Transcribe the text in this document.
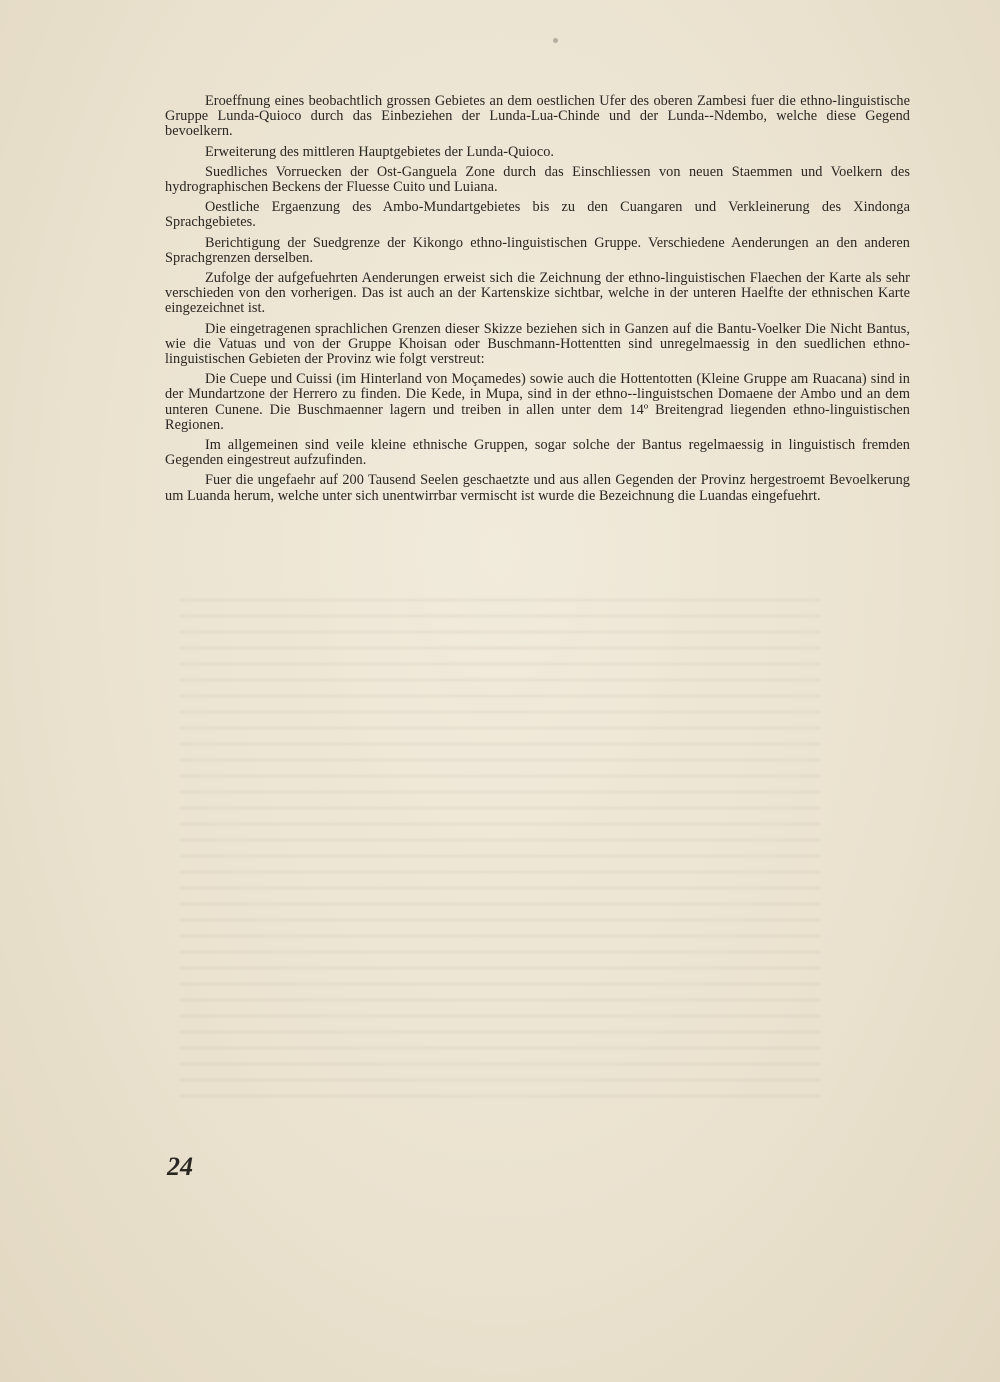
Eroeffnung eines beobachtlich grossen Gebietes an dem oestlichen Ufer des oberen Zambesi fuer die ethno-linguistische Gruppe Lunda-Quioco durch das Einbeziehen der Lunda-Lua-Chinde und der Lunda--Ndembo, welche diese Gegend bevoelkern.

Erweiterung des mittleren Hauptgebietes der Lunda-Quioco.

Suedliches Vorruecken der Ost-Ganguela Zone durch das Einschliessen von neuen Staemmen und Voelkern des hydrographischen Beckens der Fluesse Cuito und Luiana.

Oestliche Ergaenzung des Ambo-Mundartgebietes bis zu den Cuangaren und Verkleinerung des Xindonga Sprachgebietes.

Berichtigung der Suedgrenze der Kikongo ethno-linguistischen Gruppe. Verschiedene Aenderungen an den anderen Sprachgrenzen derselben.

Zufolge der aufgefuehrten Aenderungen erweist sich die Zeichnung der ethno-linguistischen Flaechen der Karte als sehr verschieden von den vorherigen. Das ist auch an der Kartenskize sichtbar, welche in der unteren Haelfte der ethnischen Karte eingezeichnet ist.

Die eingetragenen sprachlichen Grenzen dieser Skizze beziehen sich in Ganzen auf die Bantu-Voelker Die Nicht Bantus, wie die Vatuas und von der Gruppe Khoisan oder Buschmann-Hottentten sind unregelmaessig in den suedlichen ethno-linguistischen Gebieten der Provinz wie folgt verstreut:

Die Cuepe und Cuissi (im Hinterland von Moçamedes) sowie auch die Hottentotten (Kleine Gruppe am Ruacana) sind in der Mundartzone der Herrero zu finden. Die Kede, in Mupa, sind in der ethno--linguistschen Domaene der Ambo und an dem unteren Cunene. Die Buschmaenner lagern und treiben in allen unter dem 14º Breitengrad liegenden ethno-linguistischen Regionen.

Im allgemeinen sind veile kleine ethnische Gruppen, sogar solche der Bantus regelmaessig in linguistisch fremden Gegenden eingestreut aufzufinden.

Fuer die ungefaehr auf 200 Tausend Seelen geschaetzte und aus allen Gegenden der Provinz hergestroemt Bevoelkerung um Luanda herum, welche unter sich unentwirrbar vermischt ist wurde die Bezeichnung die Luandas eingefuehrt.

24
